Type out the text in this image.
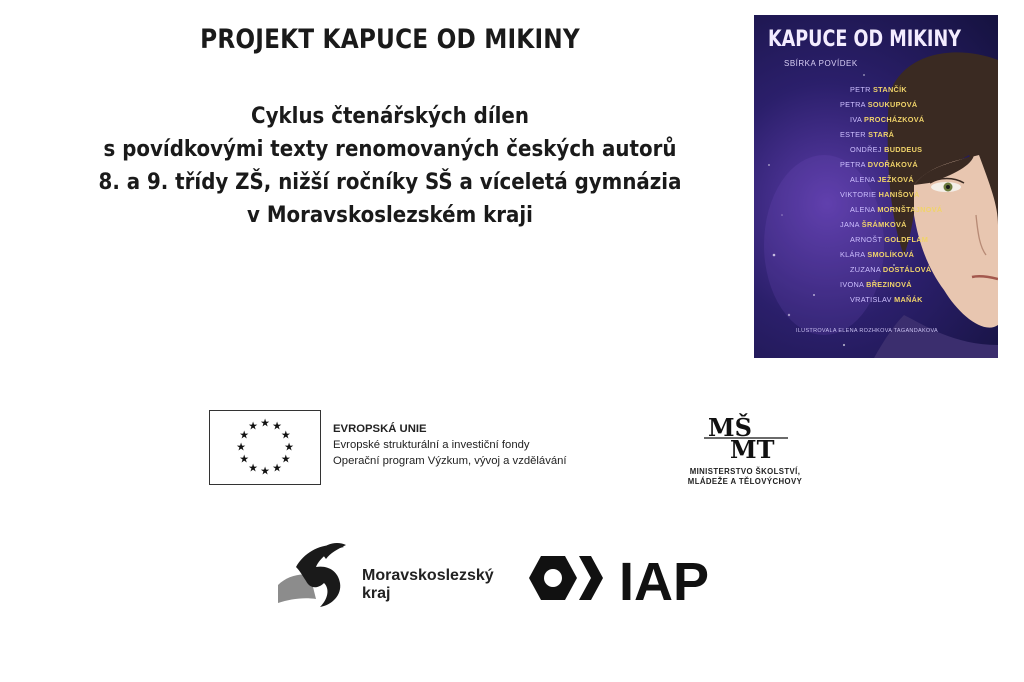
PROJEKT KAPUCE OD MIKINY
Cyklus čtenářských dílen
s povídkovými texty renomovaných českých autorů
8. a 9. třídy ZŠ, nižší ročníky SŠ a víceletá gymnázia
v Moravskoslezském kraji
KAPUCE OD MIKINY
SBÍRKA POVÍDEK
PETR STANČÍK
PETRA SOUKUPOVÁ
IVA PROCHÁZKOVÁ
ESTER STARÁ
ONDŘEJ BUDDEUS
PETRA DVOŘÁKOVÁ
ALENA JEŽKOVÁ
VIKTORIE HANIŠOVÁ
ALENA MORNŠTAJNOVÁ
JANA ŠRÁMKOVÁ
ARNOŠT GOLDFLAM
KLÁRA SMOLÍKOVÁ
ZUZANA DOSTÁLOVÁ
IVONA BŘEZINOVÁ
VRATISLAV MAŇÁK
ILUSTROVALA ELENA ROZHKOVA TAGANDAKOVA
★ ★
★
★
★
★
★
★
★
★
★
★	EVROPSKÁ UNIE
Evropské strukturální a investiční fondy
Operační program Výzkum, vývoj a vzdělávání
MŠ
MT
MINISTERSTVO ŠKOLSTVÍ,
MLÁDEŽE A TĚLOVÝCHOVY
Moravskoslezský
kraj	IAP
